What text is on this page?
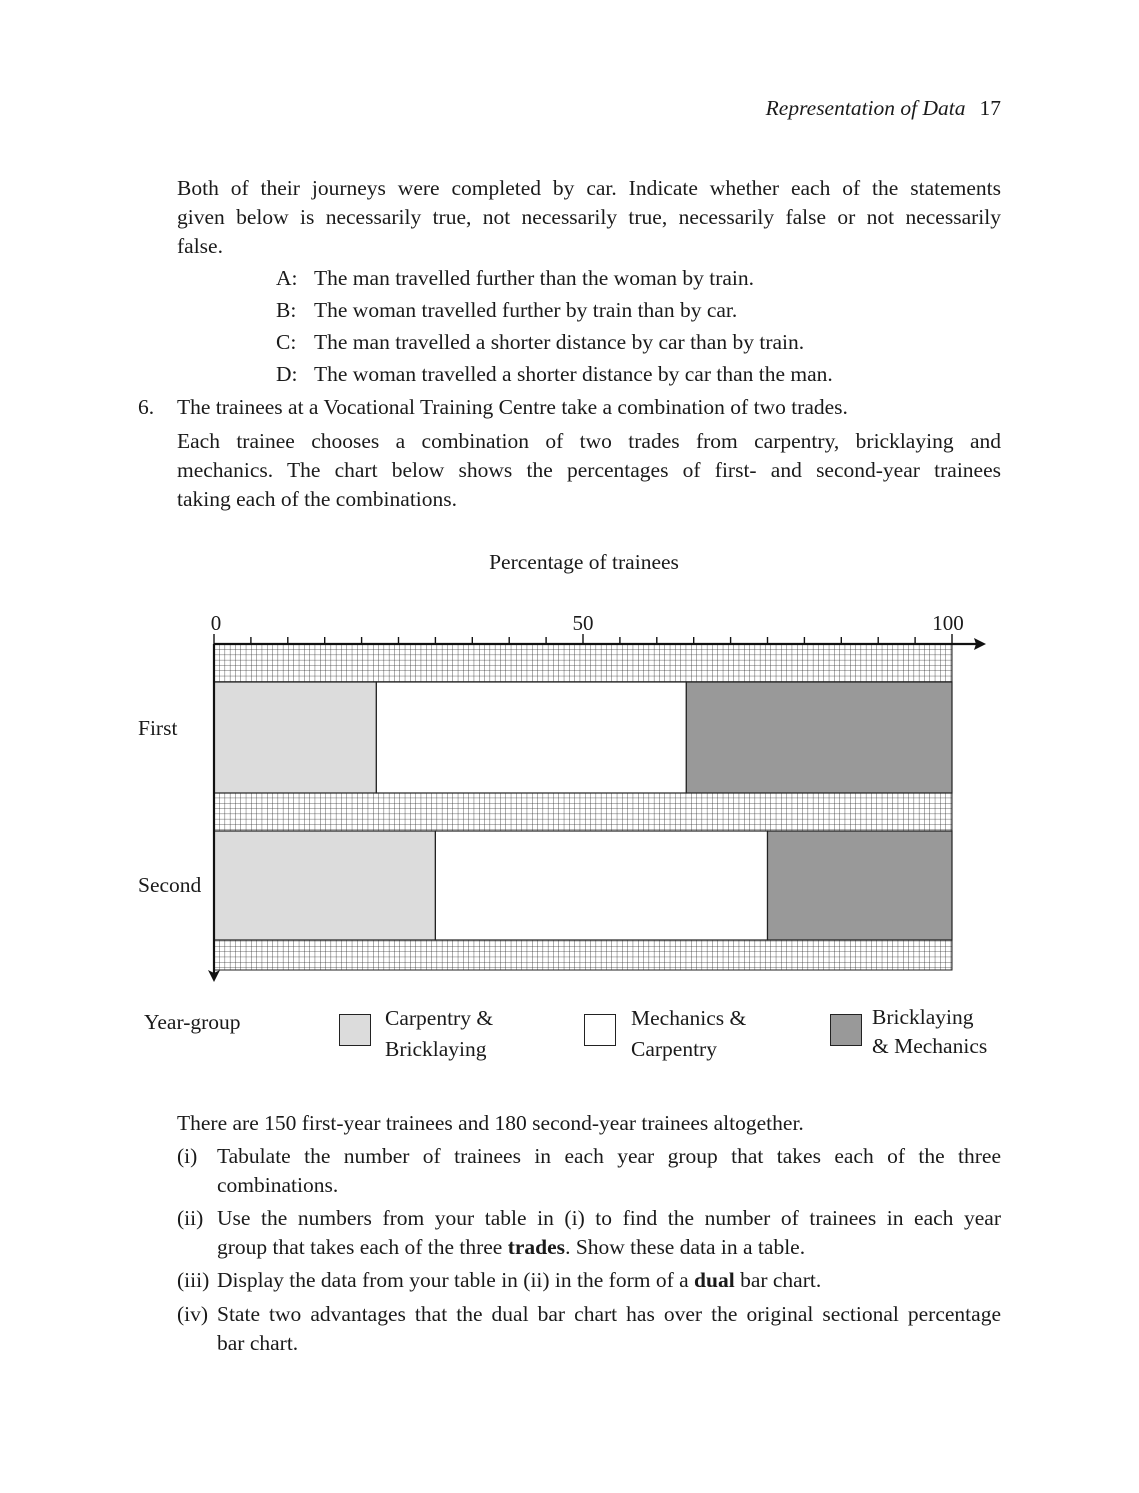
Representation of Data 17
Both of their journeys were completed by car. Indicate whether each of the statements
given below is necessarily true, not necessarily true, necessarily false or not necessarily
false.
A: The man travelled further than the woman by train.
B: The woman travelled further by train than by car.
C: The man travelled a shorter distance by car than by train.
D: The woman travelled a shorter distance by car than the man.
6. The trainees at a Vocational Training Centre take a combination of two trades.
Each trainee chooses a combination of two trades from carpentry, bricklaying and
mechanics. The chart below shows the percentages of first- and second-year trainees
taking each of the combinations.
Percentage of trainees
0	50	100
First
Second
Year-group	Carpentry &
Bricklaying
Mechanics &
Carpentry
Bricklaying
& Mechanics
There are 150 first-year trainees and 180 second-year trainees altogether.
(i) Tabulate the number of trainees in each year group that takes each of the three
combinations.
(ii) Use the numbers from your table in (i) to find the number of trainees in each year
group that takes each of the three trades. Show these data in a table.
(iii) Display the data from your table in (ii) in the form of a dual bar chart.
(iv) State two advantages that the dual bar chart has over the original sectional percentage
bar chart.
